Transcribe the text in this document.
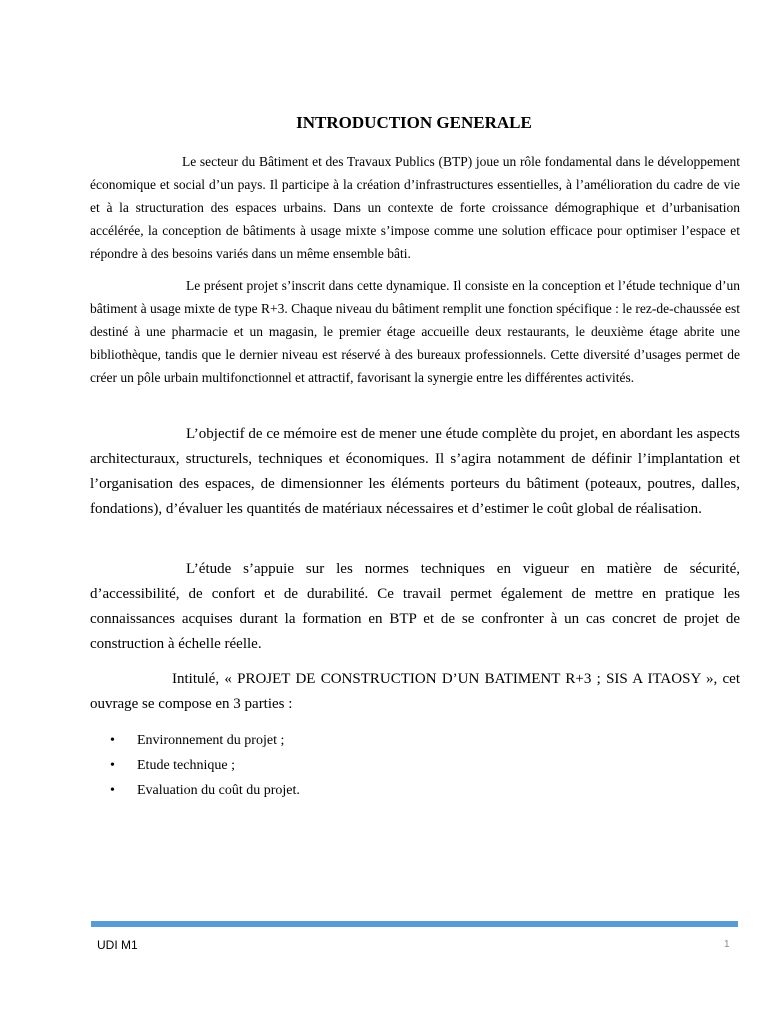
INTRODUCTION GENERALE

Le secteur du Bâtiment et des Travaux Publics (BTP) joue un rôle fondamental dans le développement économique et social d’un pays. Il participe à la création d’infrastructures essentielles, à l’amélioration du cadre de vie et à la structuration des espaces urbains. Dans un contexte de forte croissance démographique et d’urbanisation accélérée, la conception de bâtiments à usage mixte s’impose comme une solution efficace pour optimiser l’espace et répondre à des besoins variés dans un même ensemble bâti.

Le présent projet s’inscrit dans cette dynamique. Il consiste en la conception et l’étude technique d’un bâtiment à usage mixte de type R+3. Chaque niveau du bâtiment remplit une fonction spécifique : le rez-de-chaussée est destiné à une pharmacie et un magasin, le premier étage accueille deux restaurants, le deuxième étage abrite une bibliothèque, tandis que le dernier niveau est réservé à des bureaux professionnels. Cette diversité d’usages permet de créer un pôle urbain multifonctionnel et attractif, favorisant la synergie entre les différentes activités.

L’objectif de ce mémoire est de mener une étude complète du projet, en abordant les aspects architecturaux, structurels, techniques et économiques. Il s’agira notamment de définir l’implantation et l’organisation des espaces, de dimensionner les éléments porteurs du bâtiment (poteaux, poutres, dalles, fondations), d’évaluer les quantités de matériaux nécessaires et d’estimer le coût global de réalisation.

L’étude s’appuie sur les normes techniques en vigueur en matière de sécurité, d’accessibilité, de confort et de durabilité. Ce travail permet également de mettre en pratique les connaissances acquises durant la formation en BTP et de se confronter à un cas concret de projet de construction à échelle réelle.

Intitulé, « PROJET DE CONSTRUCTION D’UN BATIMENT R+3 ; SIS A ITAOSY », cet ouvrage se compose en 3 parties :

• Environnement du projet ;
• Etude technique ;
• Evaluation du coût du projet.
UDI M1	1
